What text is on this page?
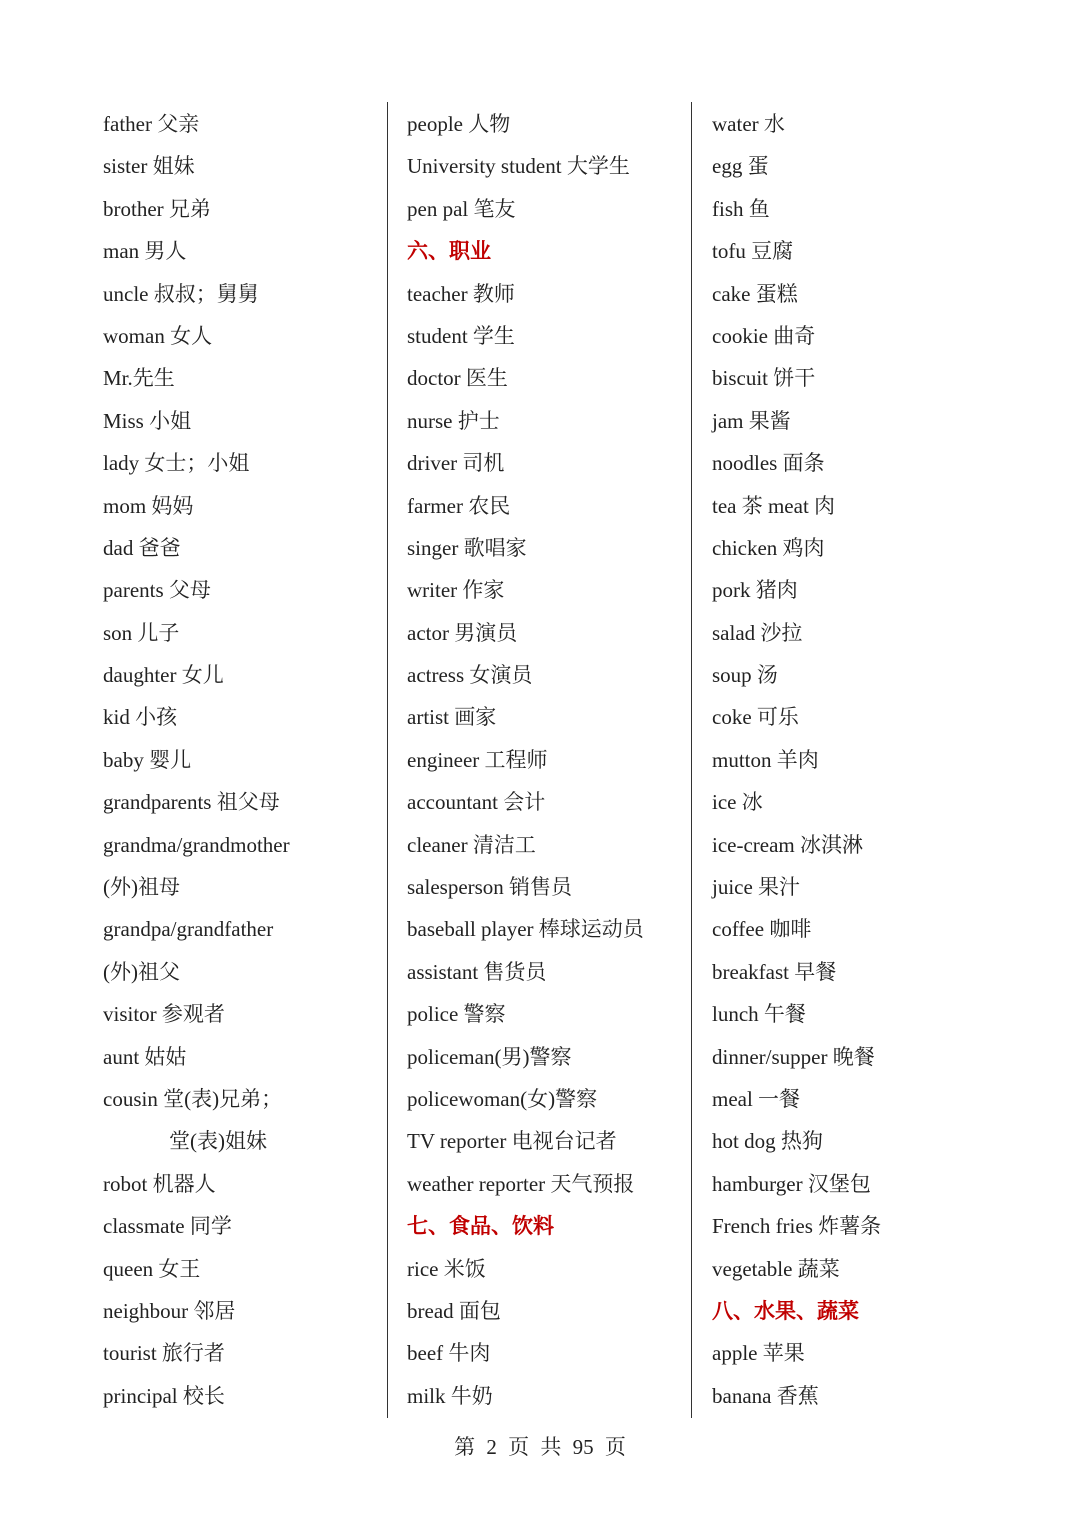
father 父亲
sister 姐妹
brother 兄弟
man 男人
uncle 叔叔；舅舅
woman 女人
Mr.先生
Miss 小姐
lady 女士；小姐
mom 妈妈
dad 爸爸
parents 父母
son 儿子
daughter 女儿
kid 小孩
baby 婴儿
grandparents 祖父母
grandma/grandmother
(外)祖母
grandpa/grandfather
(外)祖父
visitor 参观者
aunt 姑姑
cousin 堂(表)兄弟；
堂(表)姐妹
robot 机器人
classmate 同学
queen 女王
neighbour 邻居
tourist 旅行者
principal 校长
people 人物
University student 大学生
pen pal 笔友
六、职业
teacher 教师
student 学生
doctor 医生
nurse 护士
driver 司机
farmer 农民
singer 歌唱家
writer 作家
actor 男演员
actress 女演员
artist 画家
engineer 工程师
accountant 会计
cleaner 清洁工
salesperson 销售员
baseball player 棒球运动员
assistant 售货员
police 警察
policeman(男)警察
policewoman(女)警察
TV reporter 电视台记者
weather reporter 天气预报
七、食品、饮料
rice 米饭
bread 面包
beef 牛肉
milk 牛奶
water 水
egg 蛋
fish 鱼
tofu 豆腐
cake 蛋糕
cookie 曲奇
biscuit 饼干
jam 果酱
noodles 面条
tea 茶 meat 肉
chicken 鸡肉
pork 猪肉
salad 沙拉
soup 汤
coke 可乐
mutton 羊肉
ice 冰
ice-cream 冰淇淋
juice 果汁
coffee 咖啡
breakfast 早餐
lunch 午餐
dinner/supper 晚餐
meal 一餐
hot dog 热狗
hamburger 汉堡包
French fries 炸薯条
vegetable 蔬菜
八、水果、蔬菜
apple 苹果
banana 香蕉
第 2 页 共 95 页
